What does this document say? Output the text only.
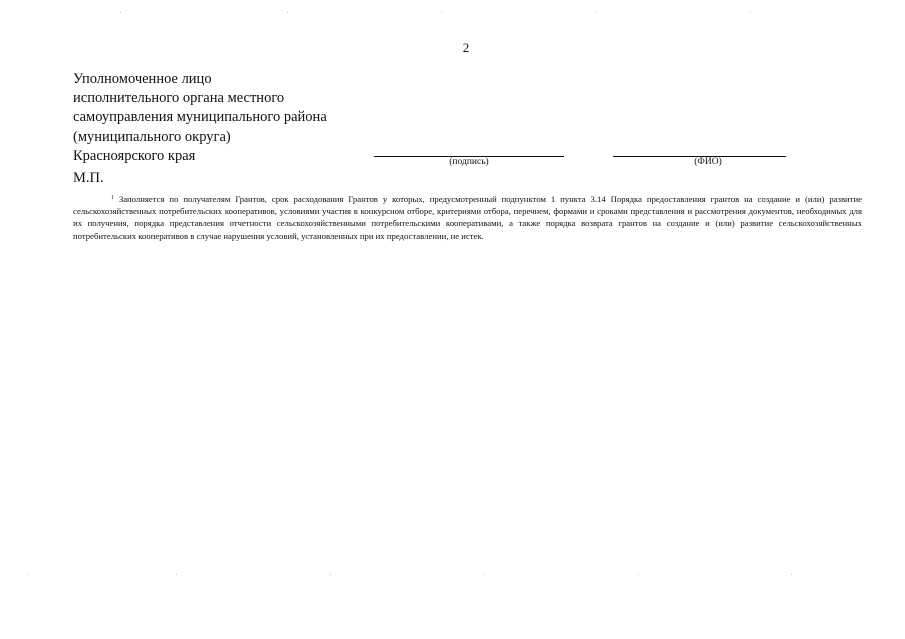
2
Уполномоченное лицо
исполнительного органа местного
самоуправления муниципального района
(муниципального округа)
Красноярского края	(подпись)	(ФИО)
М.П.
$^1$ Заполняется по получателям Грантов, срок расходования Грантов у которых, предусмотренный подпунктом 1 пункта 3.14 Порядка предоставления грантов на создание и (или) развитие сельскохозяйственных потребительских кооперативов, условиями участия в конкурсном отборе, критериями отбора, перечнем, формами и сроками представления и рассмотрения документов, необходимых для их получения, порядка представления отчетности сельскохозяйственными потребительскими кооперативами, а также порядка возврата грантов на создание и (или) развитие сельскохозяйственных потребительских кооперативов в случае нарушения условий, установленных при их предоставлении, не истек.
